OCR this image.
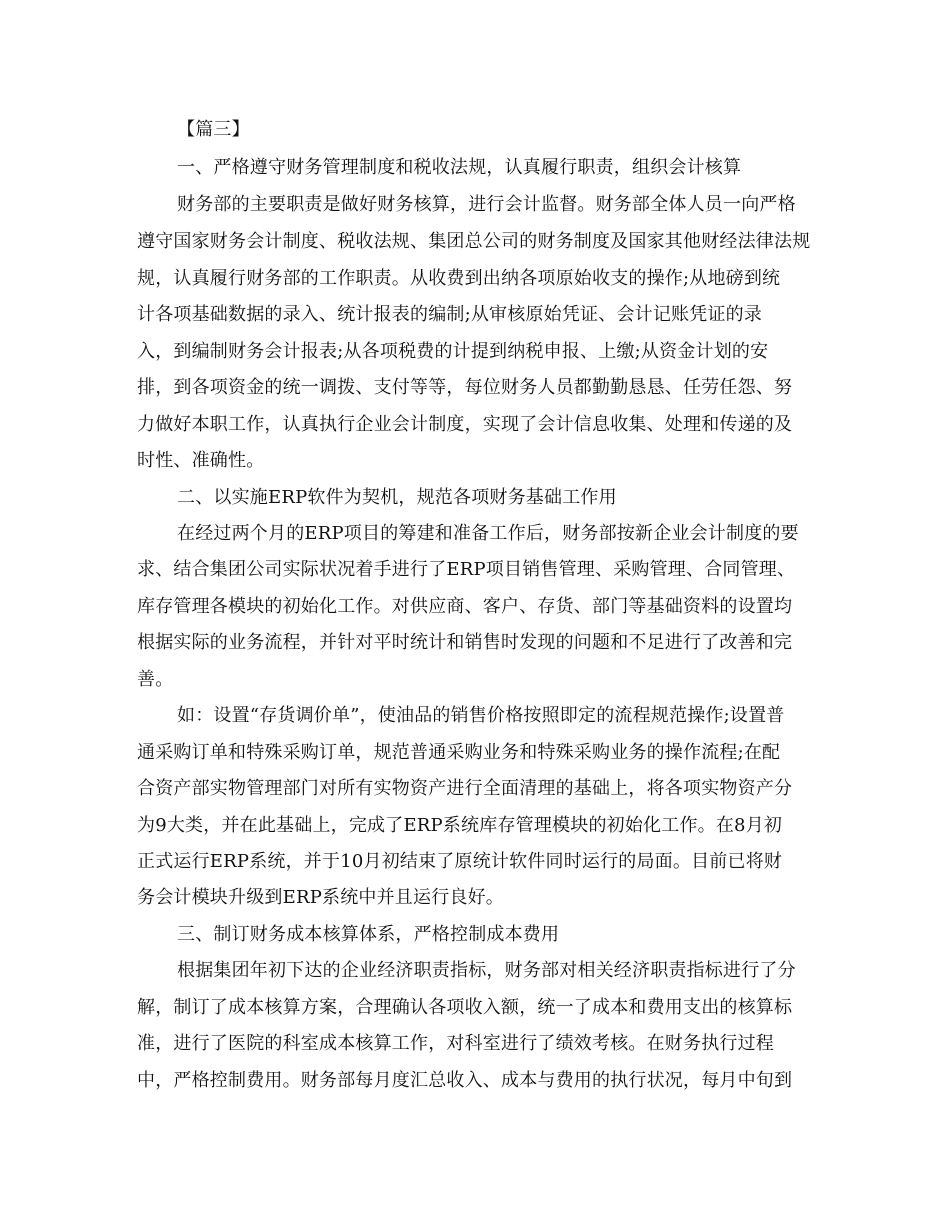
【篇三】
一、严格遵守财务管理制度和税收法规，认真履行职责，组织会计核算
财务部的主要职责是做好财务核算，进行会计监督。财务部全体人员一向严格
遵守国家财务会计制度、税收法规、集团总公司的财务制度及国家其他财经法律法规
规，认真履行财务部的工作职责。从收费到出纳各项原始收支的操作;从地磅到统
计各项基础数据的录入、统计报表的编制;从审核原始凭证、会计记账凭证的录
入，到编制财务会计报表;从各项税费的计提到纳税申报、上缴;从资金计划的安
排，到各项资金的统一调拨、支付等等，每位财务人员都勤勤恳恳、任劳任怨、努
力做好本职工作，认真执行企业会计制度，实现了会计信息收集、处理和传递的及
时性、准确性。
二、以实施ERP软件为契机，规范各项财务基础工作用
在经过两个月的ERP项目的筹建和准备工作后，财务部按新企业会计制度的要
求、结合集团公司实际状况着手进行了ERP项目销售管理、采购管理、合同管理、
库存管理各模块的初始化工作。对供应商、客户、存货、部门等基础资料的设置均
根据实际的业务流程，并针对平时统计和销售时发现的问题和不足进行了改善和完
善。
如：设置“存货调价单”，使油品的销售价格按照即定的流程规范操作;设置普
通采购订单和特殊采购订单，规范普通采购业务和特殊采购业务的操作流程;在配
合资产部实物管理部门对所有实物资产进行全面清理的基础上，将各项实物资产分
为9大类，并在此基础上，完成了ERP系统库存管理模块的初始化工作。在8月初
正式运行ERP系统，并于10月初结束了原统计软件同时运行的局面。目前已将财
务会计模块升级到ERP系统中并且运行良好。
三、制订财务成本核算体系，严格控制成本费用
根据集团年初下达的企业经济职责指标，财务部对相关经济职责指标进行了分
解，制订了成本核算方案，合理确认各项收入额，统一了成本和费用支出的核算标
准，进行了医院的科室成本核算工作，对科室进行了绩效考核。在财务执行过程
中，严格控制费用。财务部每月度汇总收入、成本与费用的执行状况，每月中旬到
